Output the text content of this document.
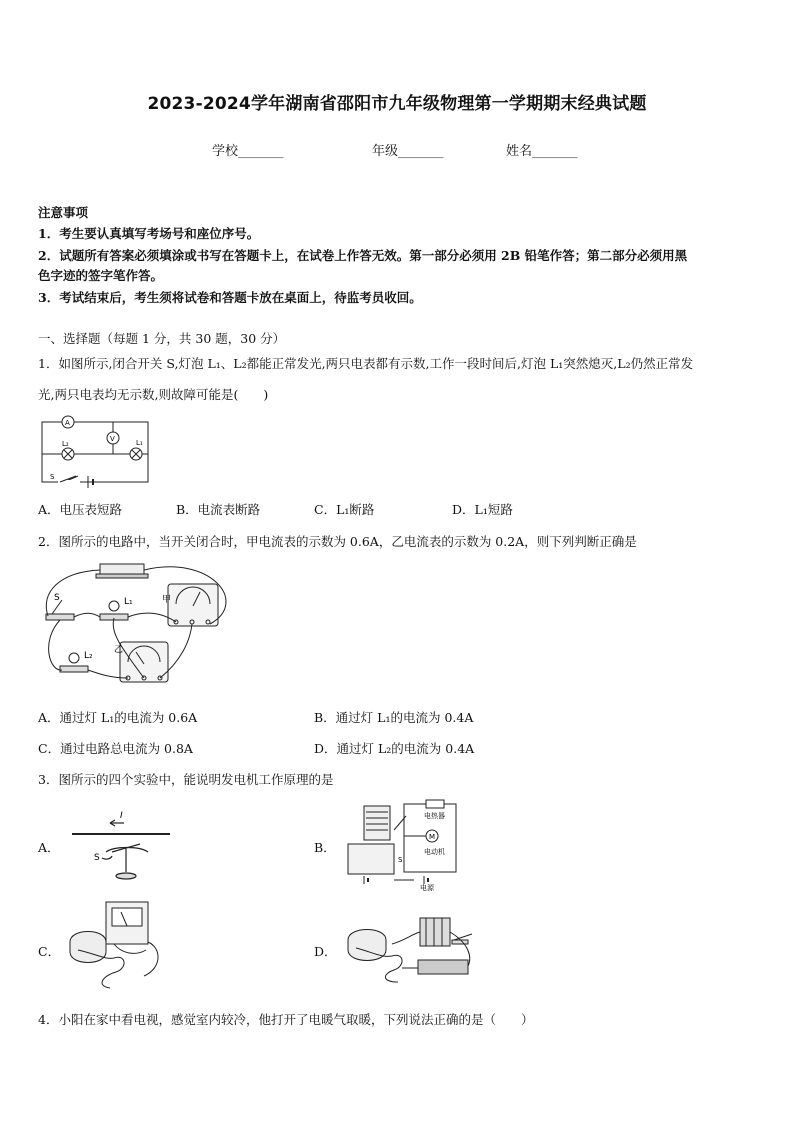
2023-2024学年湖南省邵阳市九年级物理第一学期期末经典试题
学校_______	年级_______	姓名_______
注意事项
1．考生要认真填写考场号和座位序号。
2．试题所有答案必须填涂或书写在答题卡上，在试卷上作答无效。第一部分必须用 2B 铅笔作答；第二部分必须用黑
色字迹的签字笔作答。
3．考试结束后，考生须将试卷和答题卡放在桌面上，待监考员收回。
一、选择题（每题 1 分，共 30 题，30 分）
1．如图所示,闭合开关 S,灯泡 L₁、L₂都能正常发光,两只电表都有示数,工作一段时间后,灯泡 L₁突然熄灭,L₂仍然正常发
光,两只电表均无示数,则故障可能是(　　)
A
V
L₂	L₁
S
A．电压表短路	B．电流表断路	C．L₁断路	D．L₁短路
2．图所示的电路中，当开关闭合时，甲电流表的示数为 0.6A，乙电流表的示数为 0.2A，则下列判断正确是
S	L₁	甲
L₂
乙
A．通过灯 L₁的电流为 0.6A	B．通过灯 L₁的电流为 0.4A
C．通过电路总电流为 0.8A	D．通过灯 L₂的电流为 0.4A
3．图所示的四个实验中，能说明发电机工作原理的是
A．
I
S
B．
电热器
M
电动机
电源
S
C．	D．
4．小阳在家中看电视，感觉室内较冷，他打开了电暖气取暖，下列说法正确的是（　　）
